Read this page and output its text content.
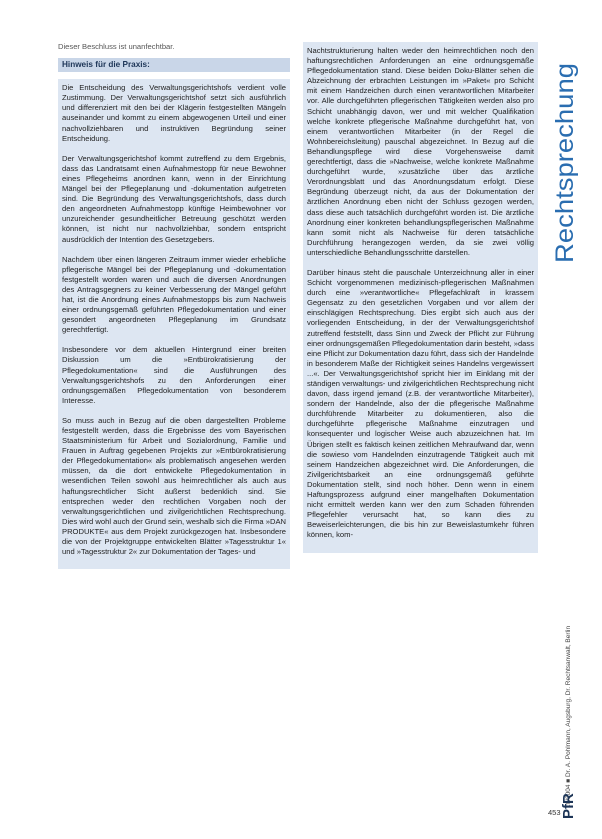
Dieser Beschluss ist unanfechtbar.

Hinweis für die Praxis:

Die Entscheidung des Verwaltungsgerichtshofs verdient volle Zustimmung. Der Verwaltungsgerichtshof setzt sich ausführlich und differenziert mit den bei der Klägerin festgestellten Mängeln auseinander und kommt zu einem abgewogenen Urteil und einer nachvollziehbaren und instruktiven Begründung seiner Entscheidung.

Der Verwaltungsgerichtshof kommt zutreffend zu dem Ergebnis, dass das Landratsamt einen Aufnahmestopp für neue Bewohner eines Pflegeheims anordnen kann, wenn in der Einrichtung Mängel bei der Pflegeplanung und -dokumentation aufgetreten sind. Die Begründung des Verwaltungsgerichtshofs, dass durch den angeordneten Aufnahmestopp künftige Heimbewohner vor unzureichender gesundheitlicher Betreuung geschützt werden können, ist nicht nur nachvollziehbar, sondern entspricht ausdrücklich der Intention des Gesetzgebers.

Nachdem über einen längeren Zeitraum immer wieder erhebliche pflegerische Mängel bei der Pflegeplanung und -dokumentation festgestellt worden waren und auch die diversen Anordnungen des Antragsgegners zu keiner Verbesserung der Mängel geführt hat, ist die Anordnung eines Aufnahmestopps bis zum Nachweis einer ordnungsgemäß geführten Pflegedokumentation und einer gesondert angeordneten Pflegeplanung im Grundsatz gerechtfertigt.

Insbesondere vor dem aktuellen Hintergrund einer breiten Diskussion um die »Entbürokratisierung der Pflegedokumentation« sind die Ausführungen des Verwaltungsgerichtshofs zu den Anforderungen einer ordnungsgemäßen Pflegedokumentation von besonderem Interesse.

So muss auch in Bezug auf die oben dargestellten Probleme festgestellt werden, dass die Ergebnisse des vom Bayerischen Staatsministerium für Arbeit und Sozialordnung, Familie und Frauen in Auftrag gegebenen Projekts zur »Entbürokratisierung der Pflegedokumentation« als problematisch angesehen werden müssen, da die dort entwickelte Pflegedokumentation in wesentlichen Teilen sowohl aus heimrechtlicher als auch aus haftungsrechtlicher Sicht äußerst bedenklich sind. Sie entsprechen weder den rechtlichen Vorgaben noch der verwaltungsgerichtlichen und zivilgerichtlichen Rechtsprechung. Dies wird wohl auch der Grund sein, weshalb sich die Firma »DAN PRODUKTE« aus dem Projekt zurückgezogen hat. Insbesondere die von der Projektgruppe entwickelten Blätter »Tagesstruktur 1« und »Tagesstruktur 2« zur Dokumentation der Tages- und

Nachtstrukturierung halten weder den heimrechtlichen noch den haftungsrechtlichen Anforderungen an eine ordnungsgemäße Pflegedokumentation stand. Diese beiden Doku-Blätter sehen die Abzeichnung der erbrachten Leistungen im »Paket« pro Schicht mit einem Handzeichen durch einen verantwortlichen Mitarbeiter vor. Alle durchgeführten pflegerischen Tätigkeiten werden also pro Schicht unabhängig davon, wer und mit welcher Qualifikation welche konkrete pflegerische Maßnahme durchgeführt hat, von einem verantwortlichen Mitarbeiter (in der Regel die Wohnbereichsleitung) pauschal abgezeichnet. In Bezug auf die Behandlungspflege wird diese Vorgehensweise damit gerechtfertigt, dass die »Nachweise, welche konkrete Maßnahme durchgeführt wurde, »zusätzliche über das ärztliche Verordnungsblatt und das Anordnungsdatum erfolgt. Diese Begründung überzeugt nicht, da aus der Dokumentation der ärztlichen Anordnung eben nicht der Schluss gezogen werden, dass diese auch tatsächlich durchgeführt worden ist. Die ärztliche Anordnung einer konkreten behandlungspflegerischen Maßnahme kann somit nicht als Nachweise für deren tatsächliche Durchführung herangezogen werden, da sie zwei völlig unterschiedliche Behandlungsschritte darstellen.

Darüber hinaus steht die pauschale Unterzeichnung aller in einer Schicht vorgenommenen medizinisch-pflegerischen Maßnahmen durch eine »verantwortliche« Pflegefachkraft in krassem Gegensatz zu den gesetzlichen Vorgaben und vor allem der einschlägigen Rechtsprechung. Dies ergibt sich auch aus der vorliegenden Entscheidung, in der der Verwaltungsgerichtshof zutreffend feststellt, dass Sinn und Zweck der Pflicht zur Führung einer ordnungsgemäßen Pflegedokumentation darin besteht, »dass eine Pflicht zur Dokumentation dazu führt, dass sich der Handelnde in besonderem Maße der Richtigkeit seines Handelns vergewissert ...«. Der Verwaltungsgerichtshof spricht hier im Einklang mit der ständigen verwaltungs- und zivilgerichtlichen Rechtsprechung nicht davon, dass irgend jemand (z.B. der verantwortliche Mitarbeiter), sondern der Handelnde, also der die pflegerische Maßnahme durchführende Mitarbeiter zu dokumentieren, also die durchgeführte pflegerische Maßnahme einzutragen und konsequenter und logischer Weise auch abzuzeichnen hat. Im Übrigen stellt es faktisch keinen zeitlichen Mehraufwand dar, wenn die sowieso vom Handelnden einzutragende Tätigkeit auch mit seinem Handzeichen abgezeichnet wird. Die Anforderungen, die Zivilgerichtsbarkeit an eine ordnungsgemäß geführte Dokumentation stellt, sind noch höher. Denn wenn in einem Haftungsprozess aufgrund einer mangelhaften Dokumentation nicht ermittelt werden kann wer den zum Schaden führenden Pflegefehler verursacht hat, so kann dies zu Beweiserleichterungen, die bis hin zur Beweislastumkehr führen können, kom-

Rechtsprechung
10/2004 ■ Dr. A. Pohlmann, Augsburg, Dr. Rechtsanwalt, Berlin
PfR
453
